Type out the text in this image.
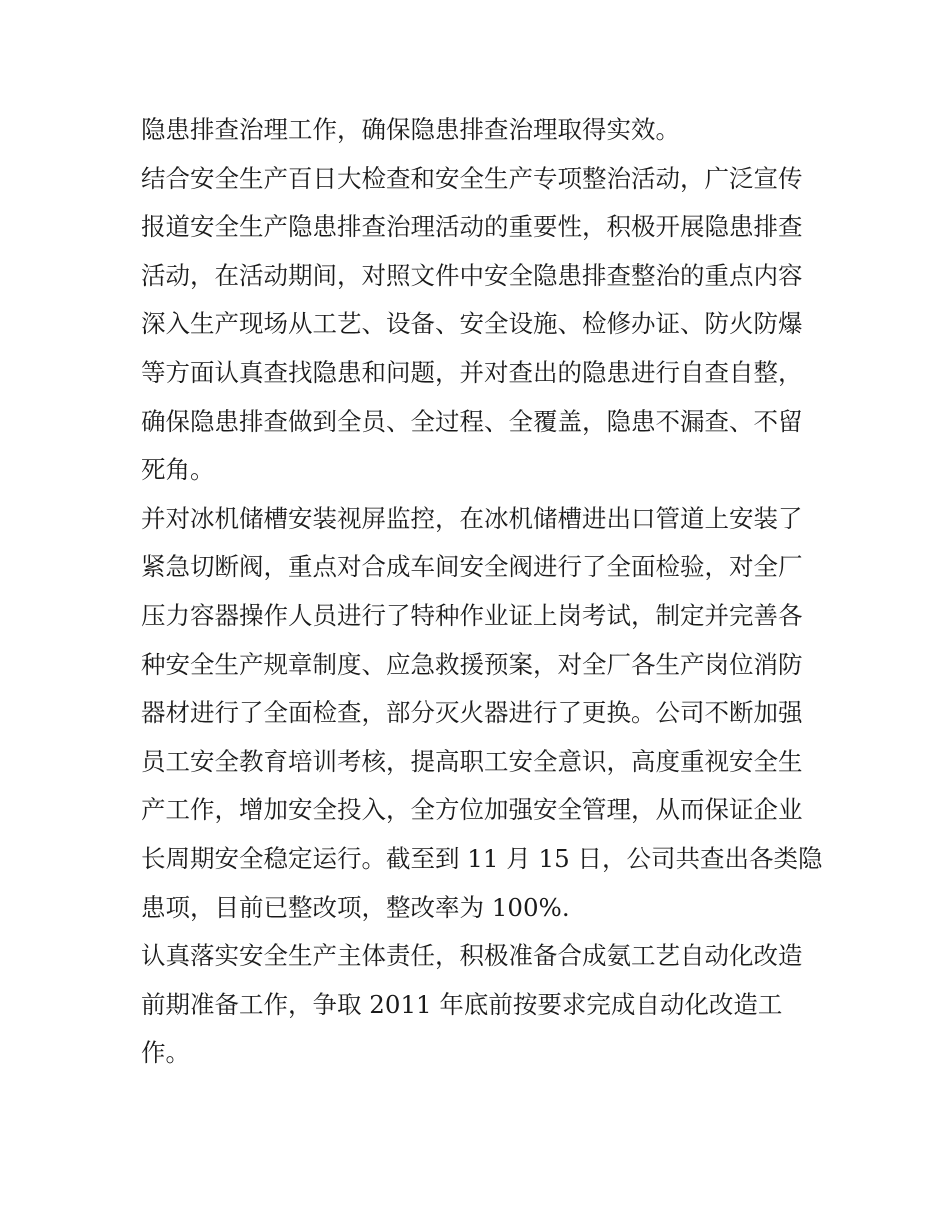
隐患排查治理工作，确保隐患排查治理取得实效。
结合安全生产百日大检查和安全生产专项整治活动，广泛宣传
报道安全生产隐患排查治理活动的重要性，积极开展隐患排查
活动，在活动期间，对照文件中安全隐患排查整治的重点内容
深入生产现场从工艺、设备、安全设施、检修办证、防火防爆
等方面认真查找隐患和问题，并对查出的隐患进行自查自整，
确保隐患排查做到全员、全过程、全覆盖，隐患不漏查、不留
死角。
并对冰机储槽安装视屏监控，在冰机储槽进出口管道上安装了
紧急切断阀，重点对合成车间安全阀进行了全面检验，对全厂
压力容器操作人员进行了特种作业证上岗考试，制定并完善各
种安全生产规章制度、应急救援预案，对全厂各生产岗位消防
器材进行了全面检查，部分灭火器进行了更换。公司不断加强
员工安全教育培训考核，提高职工安全意识，高度重视安全生
产工作，增加安全投入，全方位加强安全管理，从而保证企业
长周期安全稳定运行。截至到 11 月 15 日，公司共查出各类隐
患项，目前已整改项，整改率为 100%.
认真落实安全生产主体责任，积极准备合成氨工艺自动化改造
前期准备工作，争取 2011 年底前按要求完成自动化改造工
作。
